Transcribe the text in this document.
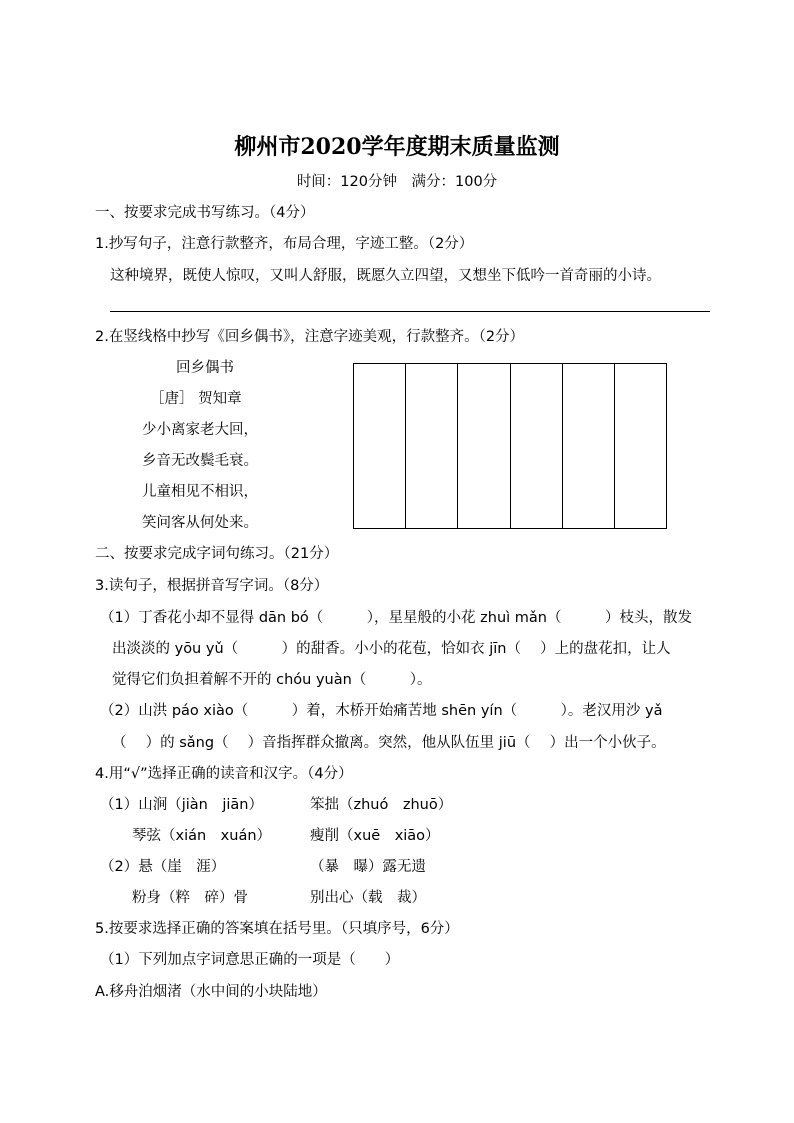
柳州市2020学年度期末质量监测
时间：120分钟　满分：100分
一、按要求完成书写练习。（4分）
1.抄写句子，注意行款整齐，布局合理，字迹工整。（2分）
这种境界，既使人惊叹，又叫人舒服，既愿久立四望，又想坐下低吟一首奇丽的小诗。
2.在竖线格中抄写《回乡偶书》，注意字迹美观，行款整齐。（2分）
回乡偶书
［唐］ 贺知章
少小离家老大回，
乡音无改鬓毛衰。
儿童相见不相识，
笑问客从何处来。
二、按要求完成字词句练习。（21分）
3.读句子，根据拼音写字词。（8分）
（1）丁香花小却不显得 dān bó（　　　），星星般的小花 zhuì mǎn（　　　）枝头，散发
出淡淡的 yōu yǔ（　　　）的甜香。小小的花苞，恰如衣 jīn（　 ）上的盘花扣，让人
觉得它们负担着解不开的 chóu yuàn（　　　）。
（2）山洪 páo xiào（　　　）着，木桥开始痛苦地 shēn yín（　　　）。老汉用沙 yǎ
（　 ）的 sǎng（　 ）音指挥群众撤离。突然，他从队伍里 jiū（　 ）出一个小伙子。
4.用“√”选择正确的读音和汉字。（4分）
（1）山涧（jiàn　jiān）	笨拙（zhuó　zhuō）
琴弦（xián　xuán）	瘦削（xuē　xiāo）
（2）悬（崖　涯）	（暴　曝）露无遗
粉身（粹　碎）骨	别出心（载　裁）
5.按要求选择正确的答案填在括号里。（只填序号，6分）
（1）下列加点字词意思正确的一项是（　　）
A.移舟泊烟渚（水中间的小块陆地）
